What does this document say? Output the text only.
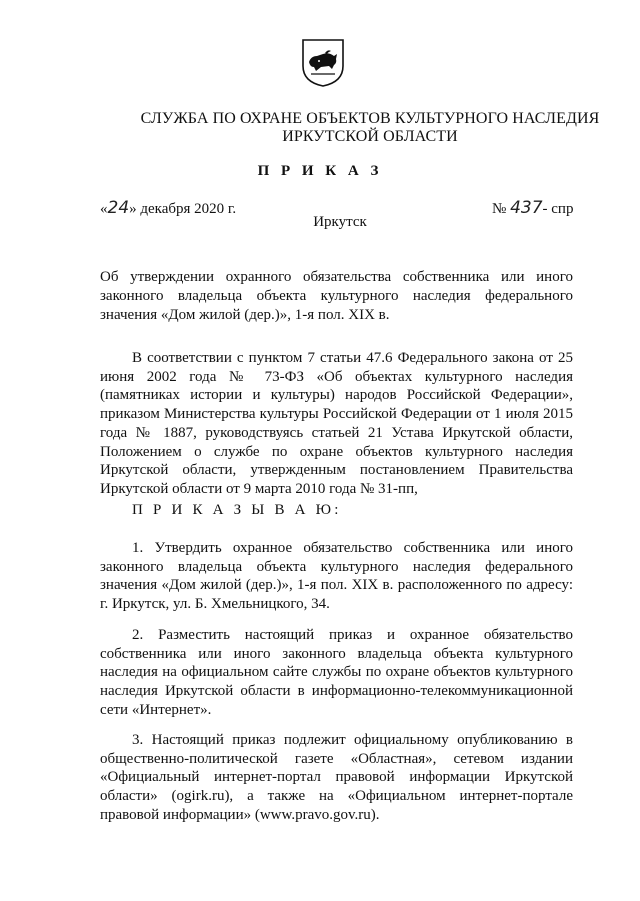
СЛУЖБА ПО ОХРАНЕ ОБЪЕКТОВ КУЛЬТУРНОГО НАСЛЕДИЯ
ИРКУТСКОЙ ОБЛАСТИ
П Р И К А З
«24» декабря 2020 г.	№ 437- спр
Иркутск
Об утверждении охранного обязательства собственника или иного законного владельца объекта культурного наследия федерального значения «Дом жилой (дер.)», 1-я пол. XIX в.
В соответствии с пунктом 7 статьи 47.6 Федерального закона от 25 июня 2002 года № 73-ФЗ «Об объектах культурного наследия (памятниках истории и культуры) народов Российской Федерации», приказом Министерства культуры Российской Федерации от 1 июля 2015 года № 1887, руководствуясь статьей 21 Устава Иркутской области, Положением о службе по охране объектов культурного наследия Иркутской области, утвержденным постановлением Правительства Иркутской области от 9 марта 2010 года № 31-пп,
П Р И К А З Ы В А Ю:
1. Утвердить охранное обязательство собственника или иного законного владельца объекта культурного наследия федерального значения «Дом жилой (дер.)», 1-я пол. XIX в. расположенного по адресу: г. Иркутск, ул. Б. Хмельницкого, 34.
2. Разместить настоящий приказ и охранное обязательство собственника или иного законного владельца объекта культурного наследия на официальном сайте службы по охране объектов культурного наследия Иркутской области в информационно-телекоммуникационной сети «Интернет».
3. Настоящий приказ подлежит официальному опубликованию в общественно-политической газете «Областная», сетевом издании «Официальный интернет-портал правовой информации Иркутской области» (ogirk.ru), а также на «Официальном интернет-портале правовой информации» (www.pravo.gov.ru).
